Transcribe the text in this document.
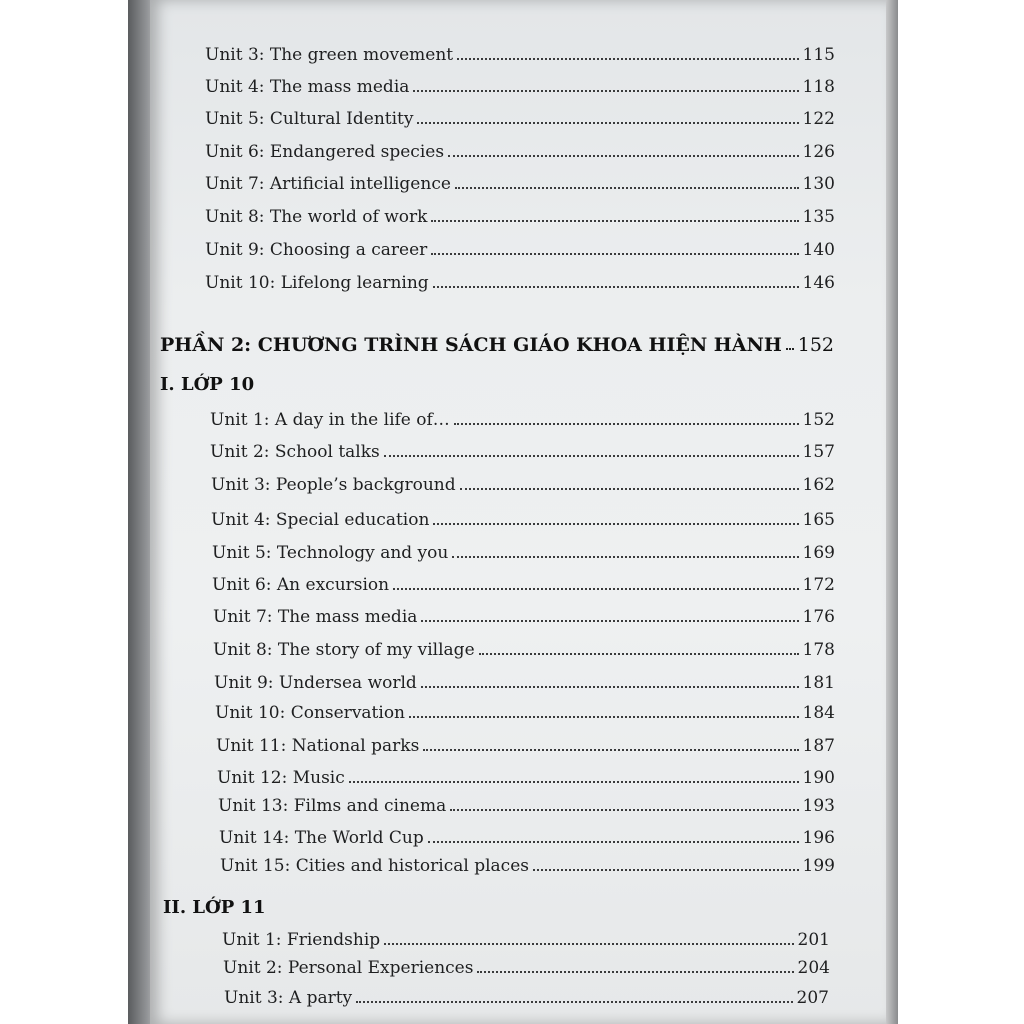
Unit 3: The green movement	115
Unit 4: The mass media	118
Unit 5: Cultural Identity	122
Unit 6: Endangered species	126
Unit 7: Artificial intelligence	130
Unit 8: The world of work	135
Unit 9: Choosing a career	140
Unit 10: Lifelong learning	146
PHẦN 2: CHƯƠNG TRÌNH SÁCH GIÁO KHOA HIỆN HÀNH 152
I. LỚP 10
Unit 1: A day in the life of…	152
Unit 2: School talks	157
Unit 3: People’s background	162
Unit 4: Special education	165
Unit 5: Technology and you	169
Unit 6: An excursion	172
Unit 7: The mass media	176
Unit 8: The story of my village	178
Unit 9: Undersea world	181
Unit 10: Conservation	184
Unit 11: National parks	187
Unit 12: Music	190
Unit 13: Films and cinema	193
Unit 14: The World Cup	196
Unit 15: Cities and historical places	199
II. LỚP 11
Unit 1: Friendship	201
Unit 2: Personal Experiences	204
Unit 3: A party	207
